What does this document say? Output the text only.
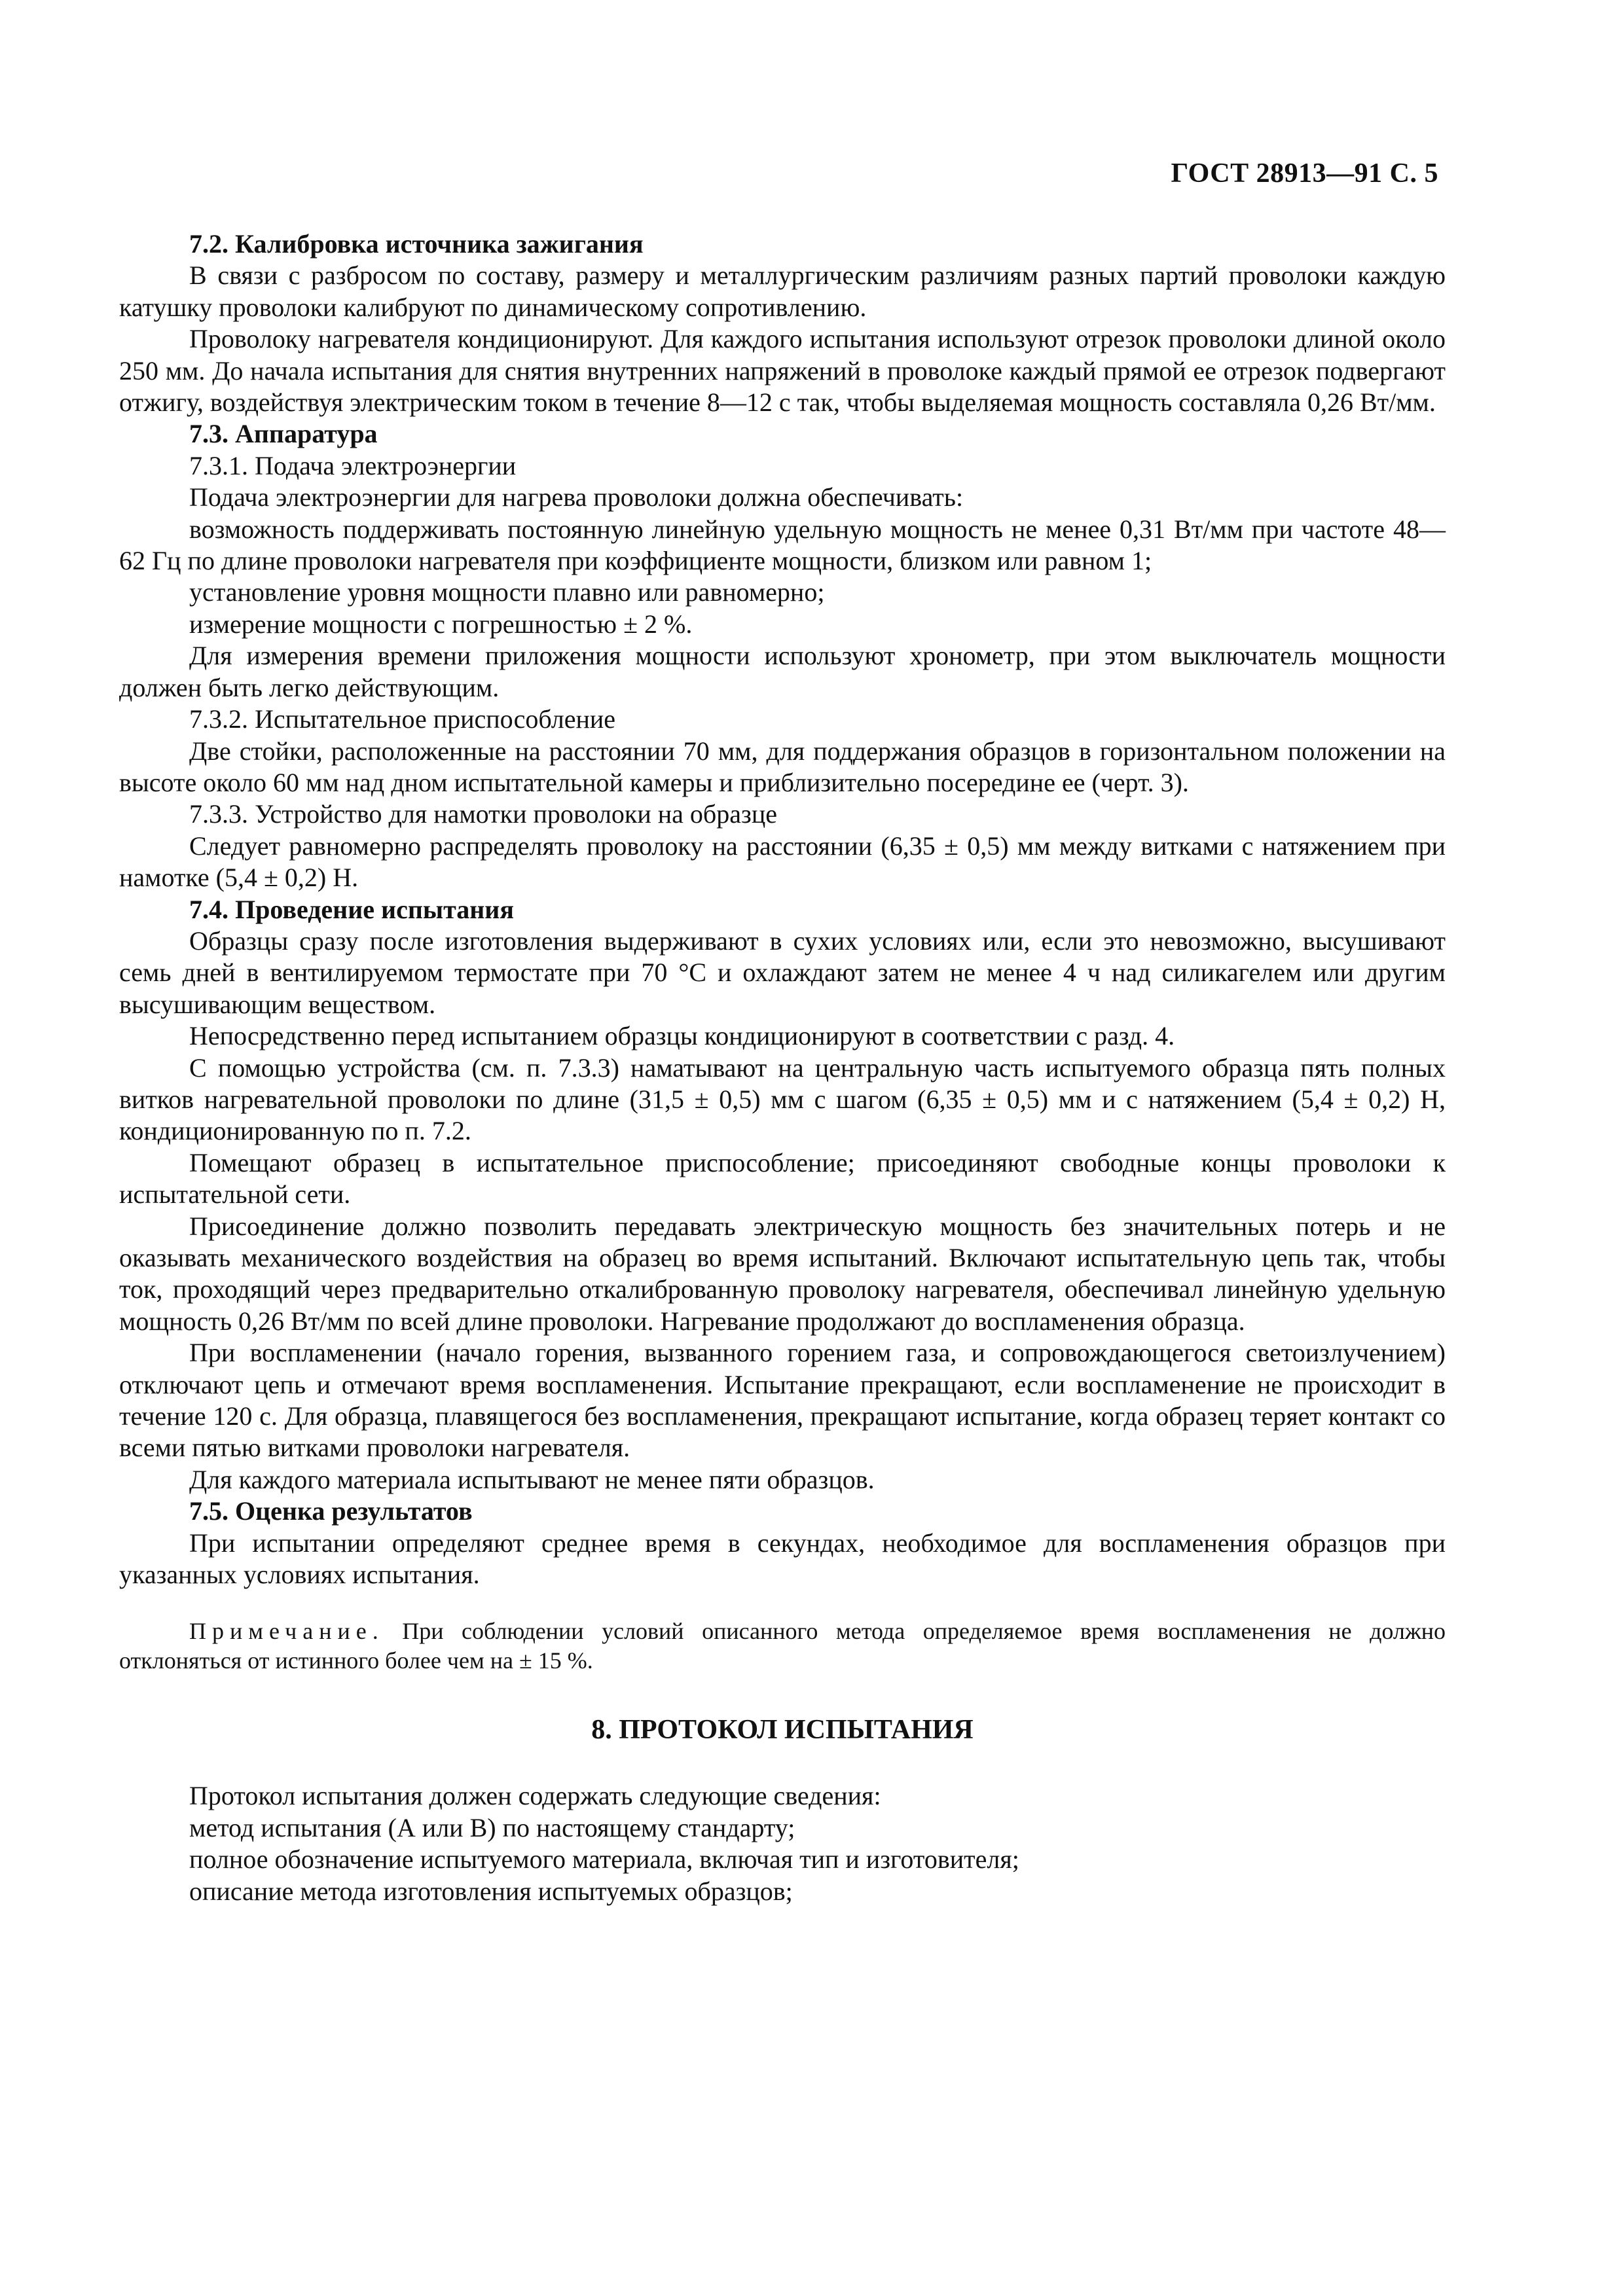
ГОСТ 28913—91 С. 5

7.2. Калибровка источника зажигания

В связи с разбросом по составу, размеру и металлургическим различиям разных партий проволоки каждую катушку проволоки калибруют по динамическому сопротивлению.

Проволоку нагревателя кондиционируют. Для каждого испытания используют отрезок проволоки длиной около 250 мм. До начала испытания для снятия внутренних напряжений в проволоке каждый прямой ее отрезок подвергают отжигу, воздействуя электрическим током в течение 8—12 с так, чтобы выделяемая мощность составляла 0,26 Вт/мм.

7.3. Аппаратура

7.3.1. Подача электроэнергии

Подача электроэнергии для нагрева проволоки должна обеспечивать:

возможность поддерживать постоянную линейную удельную мощность не менее 0,31 Вт/мм при частоте 48—62 Гц по длине проволоки нагревателя при коэффициенте мощности, близком или равном 1;

установление уровня мощности плавно или равномерно;

измерение мощности с погрешностью ± 2 %.

Для измерения времени приложения мощности используют хронометр, при этом выключатель мощности должен быть легко действующим.

7.3.2. Испытательное приспособление

Две стойки, расположенные на расстоянии 70 мм, для поддержания образцов в горизонтальном положении на высоте около 60 мм над дном испытательной камеры и приблизительно посередине ее (черт. 3).

7.3.3. Устройство для намотки проволоки на образце

Следует равномерно распределять проволоку на расстоянии (6,35 ± 0,5) мм между витками с натяжением при намотке (5,4 ± 0,2) Н.

7.4. Проведение испытания

Образцы сразу после изготовления выдерживают в сухих условиях или, если это невозможно, высушивают семь дней в вентилируемом термостате при 70 °С и охлаждают затем не менее 4 ч над силикагелем или другим высушивающим веществом.

Непосредственно перед испытанием образцы кондиционируют в соответствии с разд. 4.

С помощью устройства (см. п. 7.3.3) наматывают на центральную часть испытуемого образца пять полных витков нагревательной проволоки по длине (31,5 ± 0,5) мм с шагом (6,35 ± 0,5) мм и с натяжением (5,4 ± 0,2) Н, кондиционированную по п. 7.2.

Помещают образец в испытательное приспособление; присоединяют свободные концы проволоки к испытательной сети.

Присоединение должно позволить передавать электрическую мощность без значительных потерь и не оказывать механического воздействия на образец во время испытаний. Включают испытательную цепь так, чтобы ток, проходящий через предварительно откалиброванную проволоку нагревателя, обеспечивал линейную удельную мощность 0,26 Вт/мм по всей длине проволоки. Нагревание продолжают до воспламенения образца.

При воспламенении (начало горения, вызванного горением газа, и сопровождающегося светоизлучением) отключают цепь и отмечают время воспламенения. Испытание прекращают, если воспламенение не происходит в течение 120 с. Для образца, плавящегося без воспламенения, прекращают испытание, когда образец теряет контакт со всеми пятью витками проволоки нагревателя.

Для каждого материала испытывают не менее пяти образцов.

7.5. Оценка результатов

При испытании определяют среднее время в секундах, необходимое для воспламенения образцов при указанных условиях испытания.

Примечание. При соблюдении условий описанного метода определяемое время воспламенения не должно отклоняться от истинного более чем на ± 15 %.

8. ПРОТОКОЛ ИСПЫТАНИЯ

Протокол испытания должен содержать следующие сведения:

метод испытания (А или В) по настоящему стандарту;

полное обозначение испытуемого материала, включая тип и изготовителя;

описание метода изготовления испытуемых образцов;
